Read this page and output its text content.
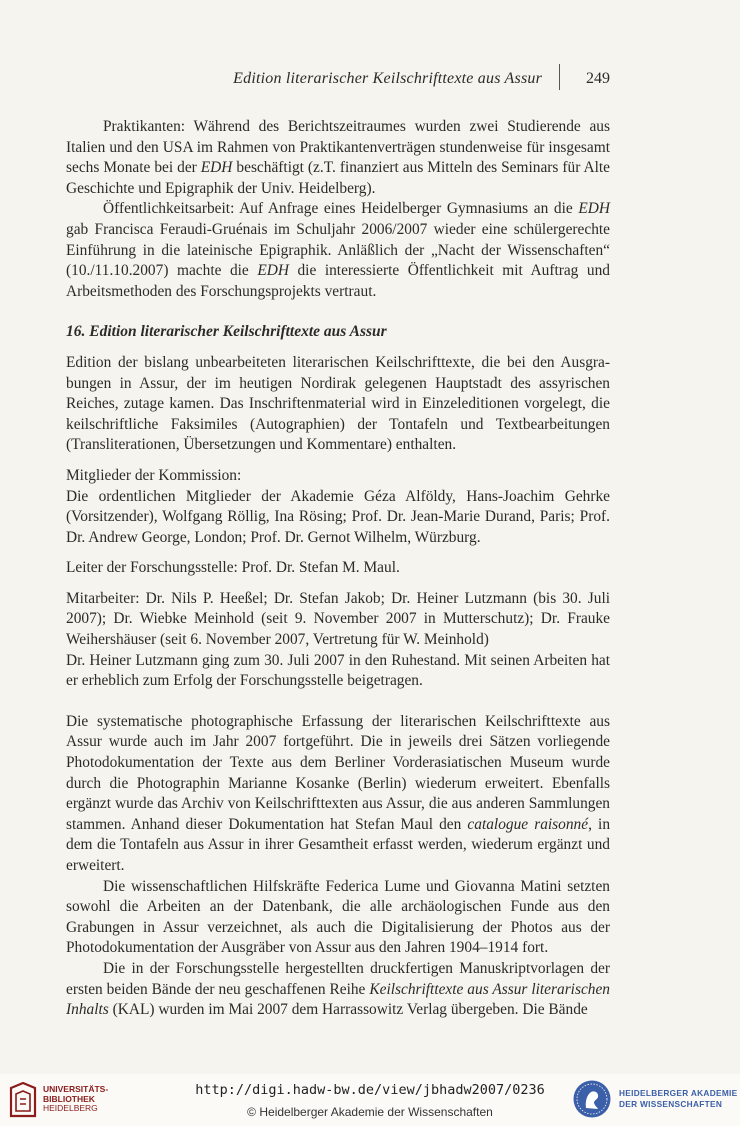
Edition literarischer Keilschrifttexte aus Assur	249

Praktikanten: Während des Berichtszeitraumes wurden zwei Studierende aus Italien und den USA im Rahmen von Praktikantenverträgen stundenweise für insgesamt sechs Monate bei der EDH beschäftigt (z.T. finanziert aus Mitteln des Seminars für Alte Geschichte und Epigraphik der Univ. Heidelberg).

Öffentlichkeitsarbeit: Auf Anfrage eines Heidelberger Gymnasiums an die EDH gab Francisca Feraudi-Gruénais im Schuljahr 2006/2007 wieder eine schülergerechte Einführung in die lateinische Epigraphik. Anläßlich der „Nacht der Wissenschaften“ (10./11.10.2007) machte die EDH die interessierte Öffentlichkeit mit Auftrag und Arbeitsmethoden des Forschungsprojekts vertraut.

16. Edition literarischer Keilschrifttexte aus Assur

Edition der bislang unbearbeiteten literarischen Keilschrifttexte, die bei den Ausgrabungen in Assur, der im heutigen Nordirak gelegenen Hauptstadt des assyrischen Reiches, zutage kamen. Das Inschriftenmaterial wird in Einzeleditionen vorgelegt, die keilschriftliche Faksimiles (Autographien) der Tontafeln und Textbearbeitungen (Transliterationen, Übersetzungen und Kommentare) enthalten.

Mitglieder der Kommission:

Die ordentlichen Mitglieder der Akademie Géza Alföldy, Hans-Joachim Gehrke (Vorsitzender), Wolfgang Röllig, Ina Rösing; Prof. Dr. Jean-Marie Durand, Paris; Prof. Dr. Andrew George, London; Prof. Dr. Gernot Wilhelm, Würzburg.

Leiter der Forschungsstelle: Prof. Dr. Stefan M. Maul.

Mitarbeiter: Dr. Nils P. Heeßel; Dr. Stefan Jakob; Dr. Heiner Lutzmann (bis 30. Juli 2007); Dr. Wiebke Meinhold (seit 9. November 2007 in Mutterschutz); Dr. Frauke Weihershäuser (seit 6. November 2007, Vertretung für W. Meinhold)

Dr. Heiner Lutzmann ging zum 30. Juli 2007 in den Ruhestand. Mit seinen Arbeiten hat er erheblich zum Erfolg der Forschungsstelle beigetragen.

Die systematische photographische Erfassung der literarischen Keilschrifttexte aus Assur wurde auch im Jahr 2007 fortgeführt. Die in jeweils drei Sätzen vorliegende Photodokumentation der Texte aus dem Berliner Vorderasiatischen Museum wurde durch die Photographin Marianne Kosanke (Berlin) wiederum erweitert. Ebenfalls ergänzt wurde das Archiv von Keilschrifttexten aus Assur, die aus anderen Sammlungen stammen. Anhand dieser Dokumentation hat Stefan Maul den catalogue raisonné, in dem die Tontafeln aus Assur in ihrer Gesamtheit erfasst werden, wiederum ergänzt und erweitert.

Die wissenschaftlichen Hilfskräfte Federica Lume und Giovanna Matini setzten sowohl die Arbeiten an der Datenbank, die alle archäologischen Funde aus den Grabungen in Assur verzeichnet, als auch die Digitalisierung der Photos aus der Photodokumentation der Ausgräber von Assur aus den Jahren 1904–1914 fort.

Die in der Forschungsstelle hergestellten druckfertigen Manuskriptvorlagen der ersten beiden Bände der neu geschaffenen Reihe Keilschrifttexte aus Assur literarischen Inhalts (KAL) wurden im Mai 2007 dem Harrassowitz Verlag übergeben. Die Bände

UNIVERSITÄTS-
BIBLIOTHEK
HEIDELBERG
http://digi.hadw-bw.de/view/jbhadw2007/0236
© Heidelberger Akademie der Wissenschaften
HEIDELBERGER AKADEMIE
DER WISSENSCHAFTEN
